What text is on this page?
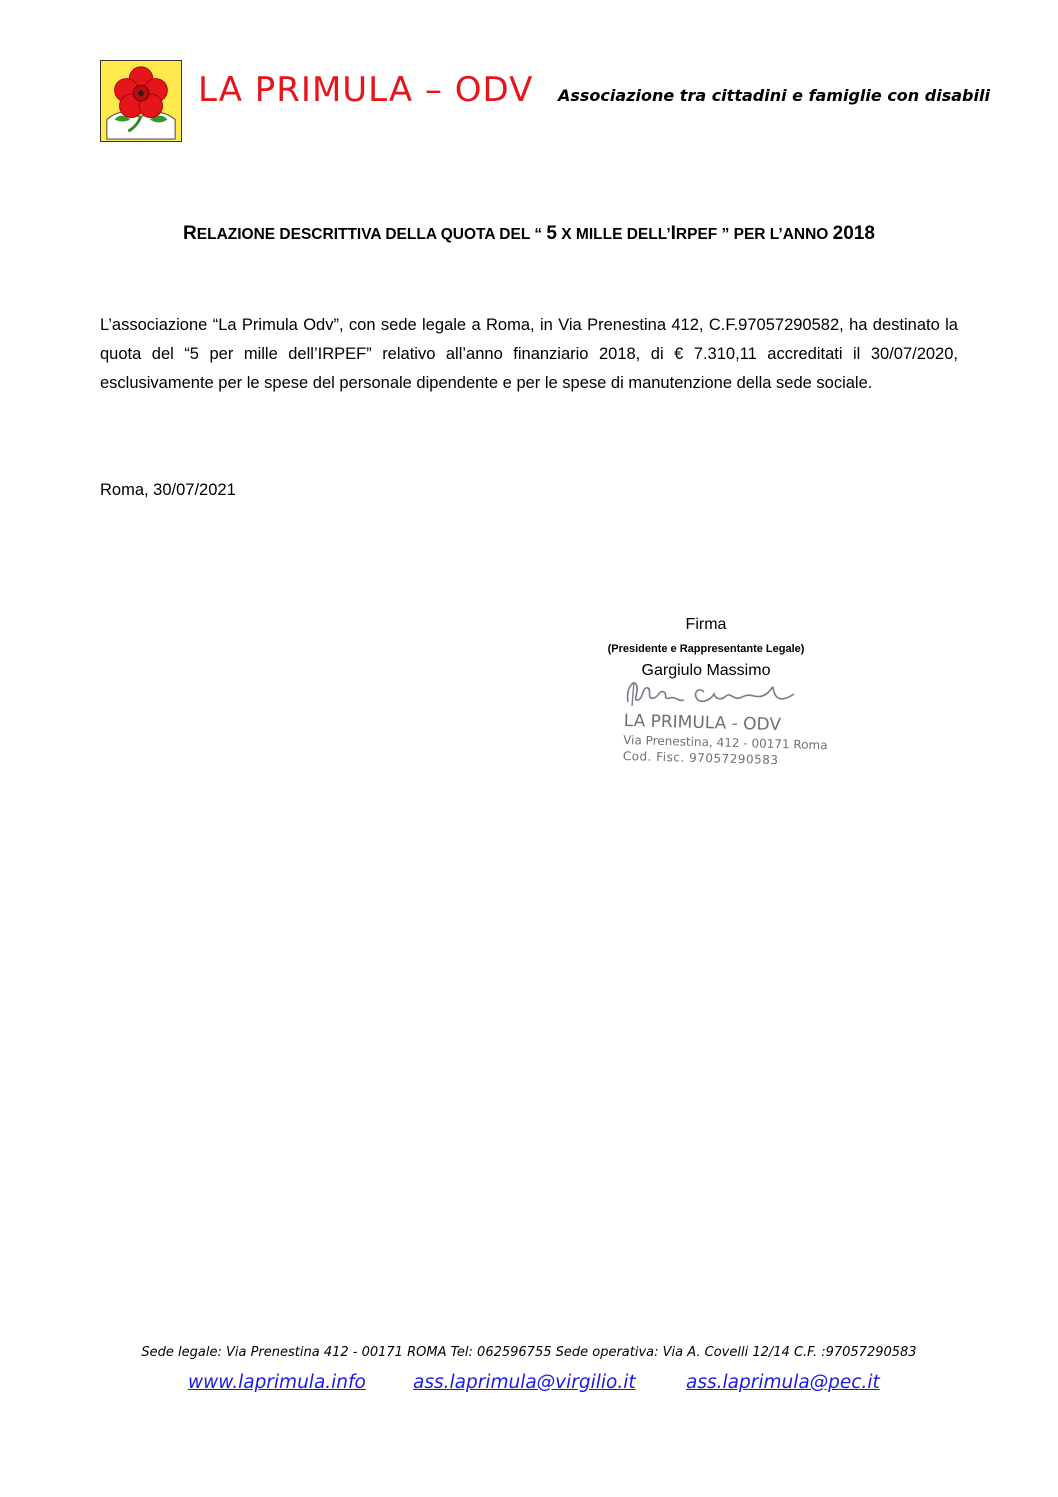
LA PRIMULA – ODV Associazione tra cittadini e famiglie con disabili
RELAZIONE DESCRITTIVA DELLA QUOTA DEL “ 5 X MILLE DELL’IRPEF ” PER L’ANNO 2018
L’associazione “La Primula Odv”, con sede legale a Roma, in Via Prenestina 412, C.F.97057290582, ha destinato la quota del “5 per mille dell’IRPEF” relativo all’anno finanziario 2018, di € 7.310,11 accreditati il 30/07/2020, esclusivamente per le spese del personale dipendente e per le spese di manutenzione della sede sociale.
Roma, 30/07/2021
Firma
(Presidente e Rappresentante Legale)
Gargiulo Massimo
LA PRIMULA - ODV
Via Prenestina, 412 - 00171 Roma
Cod. Fisc. 97057290583
Sede legale: Via Prenestina 412 - 00171 ROMA Tel: 062596755 Sede operativa: Via A. Covelli 12/14 C.F. :97057290583
www.laprimula.info	ass.laprimula@virgilio.it	ass.laprimula@pec.it
